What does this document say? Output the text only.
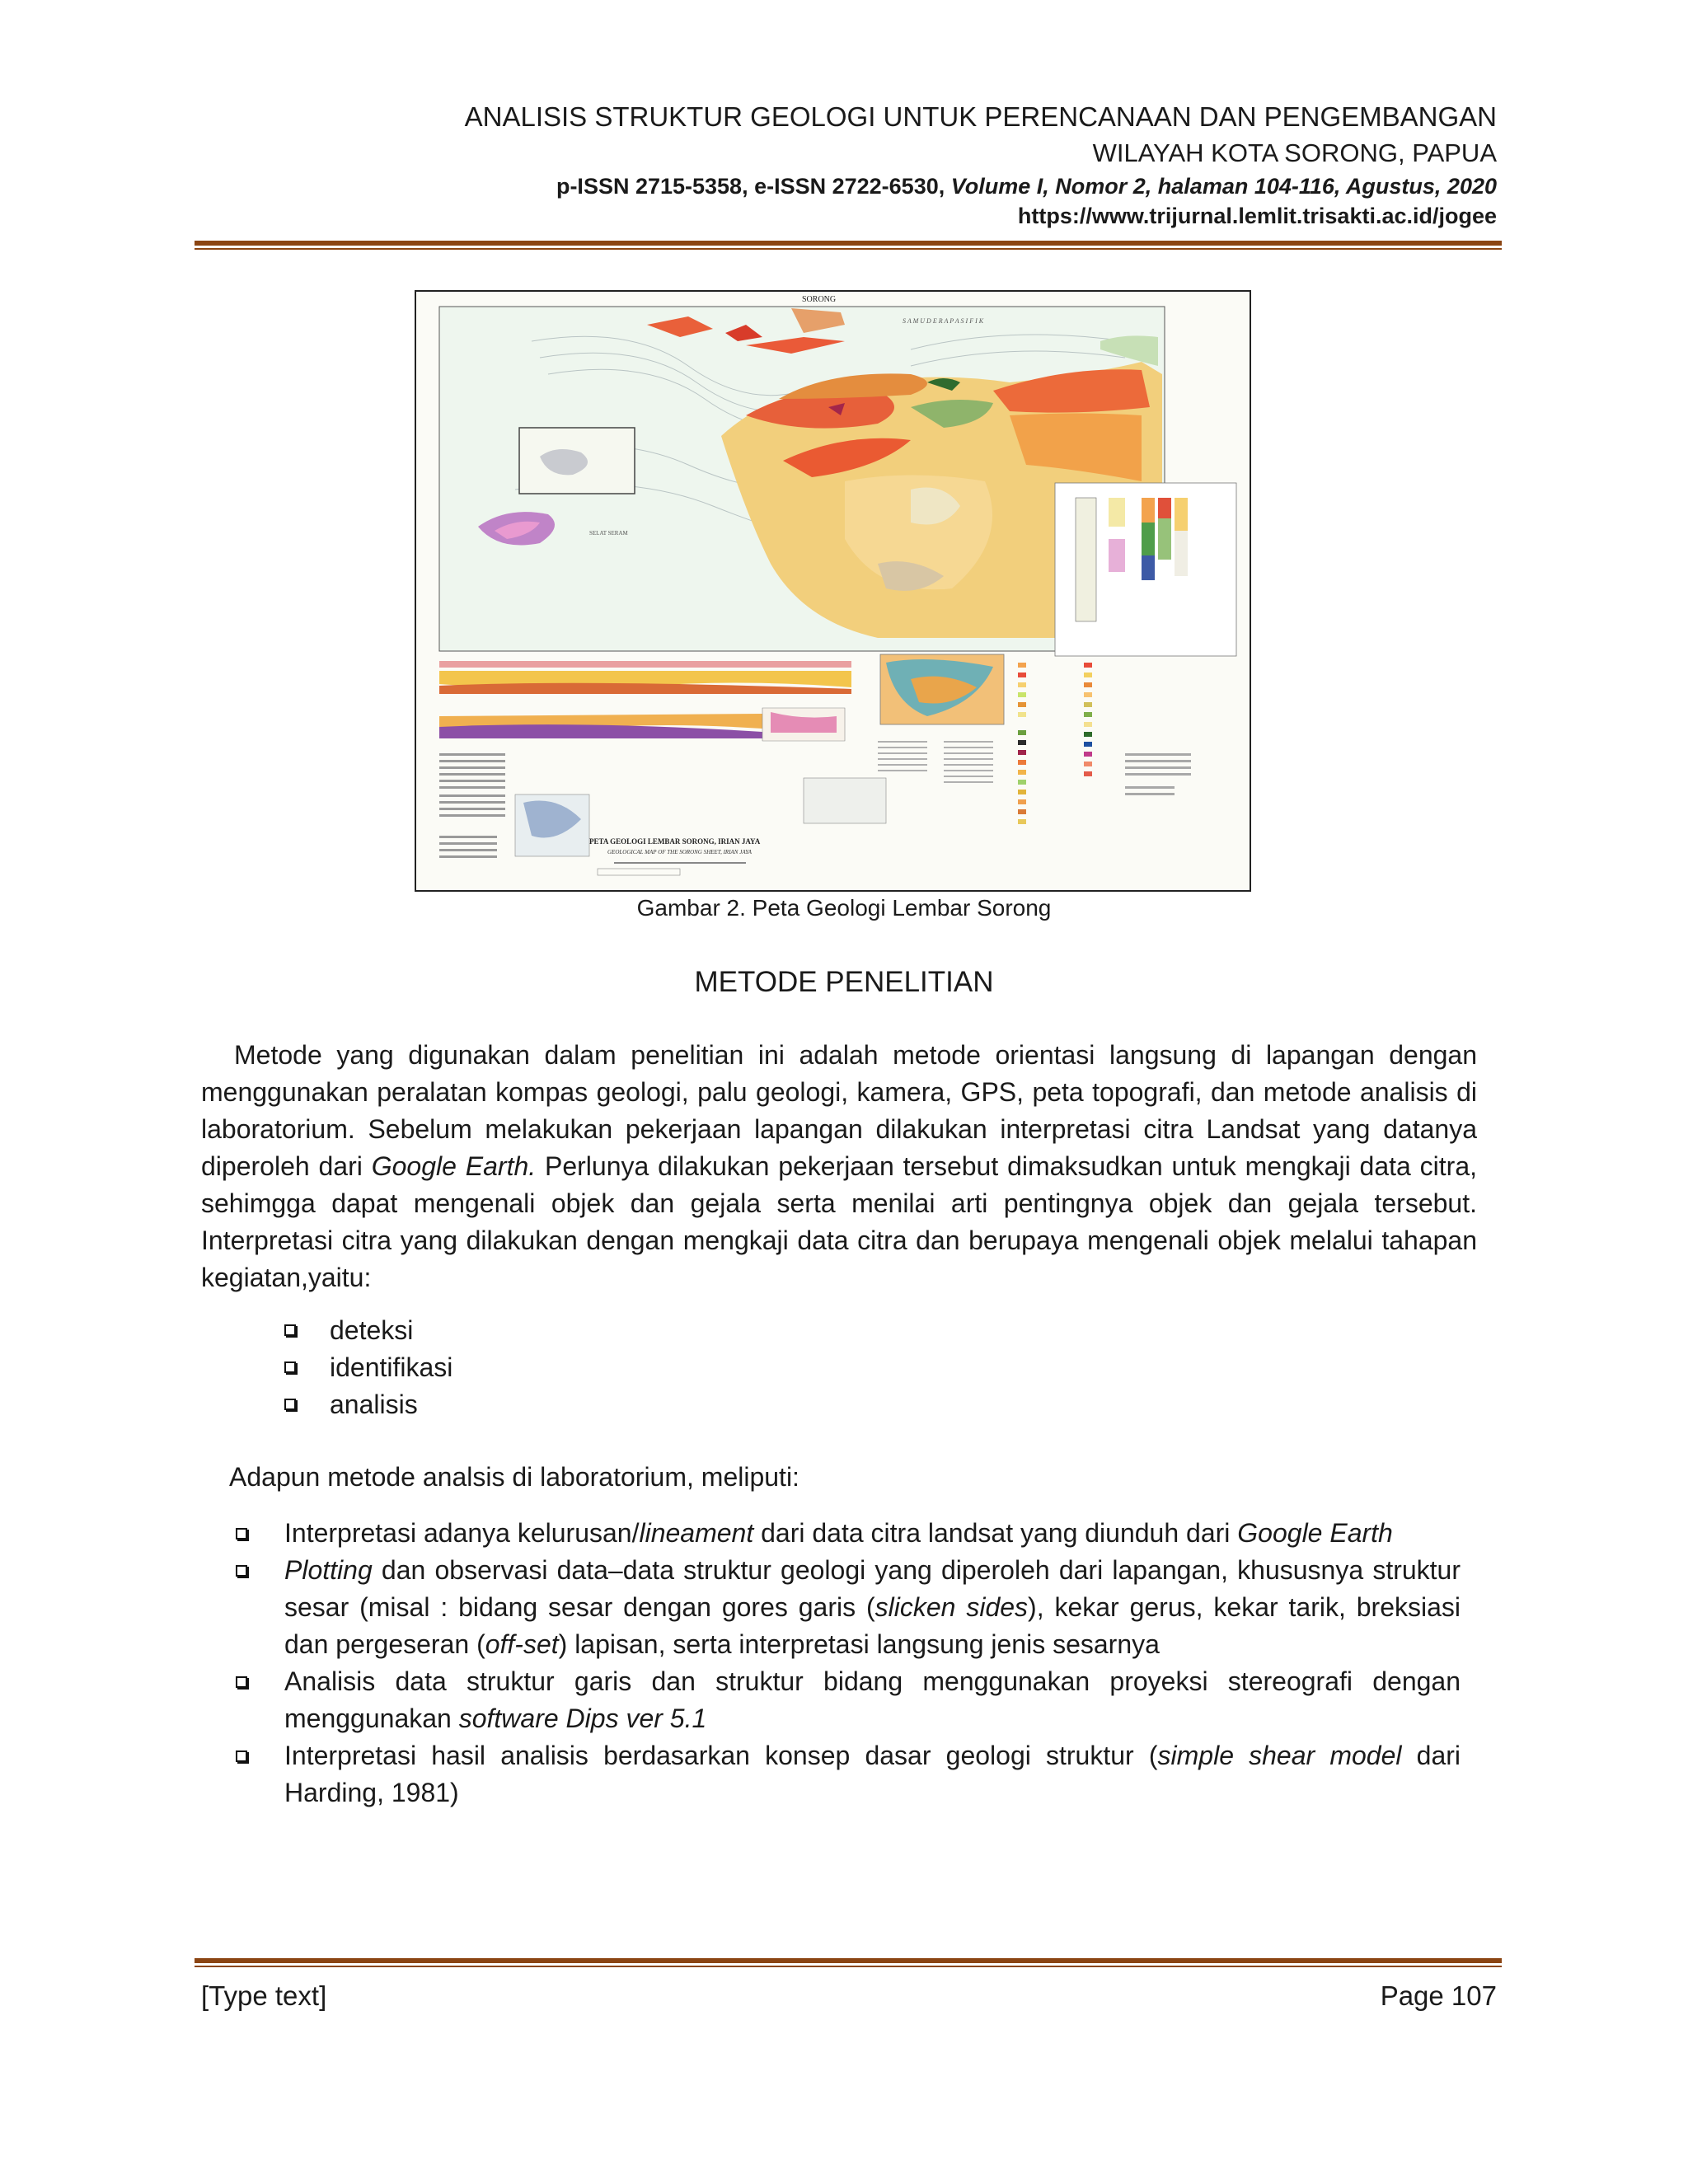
ANALISIS STRUKTUR GEOLOGI UNTUK PERENCANAAN DAN PENGEMBANGAN
WILAYAH KOTA SORONG, PAPUA
p-ISSN 2715-5358, e-ISSN 2722-6530, Volume I, Nomor 2, halaman 104-116, Agustus, 2020
https://www.trijurnal.lemlit.trisakti.ac.id/jogee
SORONG
S A M U D E R A P A S I F I K
SELAT SERAM
PETA GEOLOGI LEMBAR SORONG, IRIAN JAYA
GEOLOGICAL MAP OF THE SORONG SHEET, IRIAN JAYA
Gambar 2. Peta Geologi Lembar Sorong
METODE PENELITIAN

Metode yang digunakan dalam penelitian ini adalah metode orientasi langsung di lapangan dengan menggunakan peralatan kompas geologi, palu geologi, kamera, GPS, peta topografi, dan metode analisis di laboratorium. Sebelum melakukan pekerjaan lapangan dilakukan interpretasi citra Landsat yang datanya diperoleh dari Google Earth. Perlunya dilakukan pekerjaan tersebut dimaksudkan untuk mengkaji data citra, sehimgga dapat mengenali objek dan gejala serta menilai arti pentingnya objek dan gejala tersebut. Interpretasi citra yang dilakukan dengan mengkaji data citra dan berupaya mengenali objek melalui tahapan kegiatan,yaitu:

deteksi
identifikasi
analisis
Adapun metode analsis di laboratorium, meliputi:
Interpretasi adanya kelurusan/lineament dari data citra landsat yang diunduh dari Google Earth
Plotting dan observasi data–data struktur geologi yang diperoleh dari lapangan, khususnya struktur sesar (misal : bidang sesar dengan gores garis (slicken sides), kekar gerus, kekar tarik, breksiasi dan pergeseran (off-set) lapisan, serta interpretasi langsung jenis sesarnya
Analisis data struktur garis dan struktur bidang menggunakan proyeksi stereografi dengan menggunakan software Dips ver 5.1
Interpretasi hasil analisis berdasarkan konsep dasar geologi struktur (simple shear model dari Harding, 1981)
[Type text]	Page 107
